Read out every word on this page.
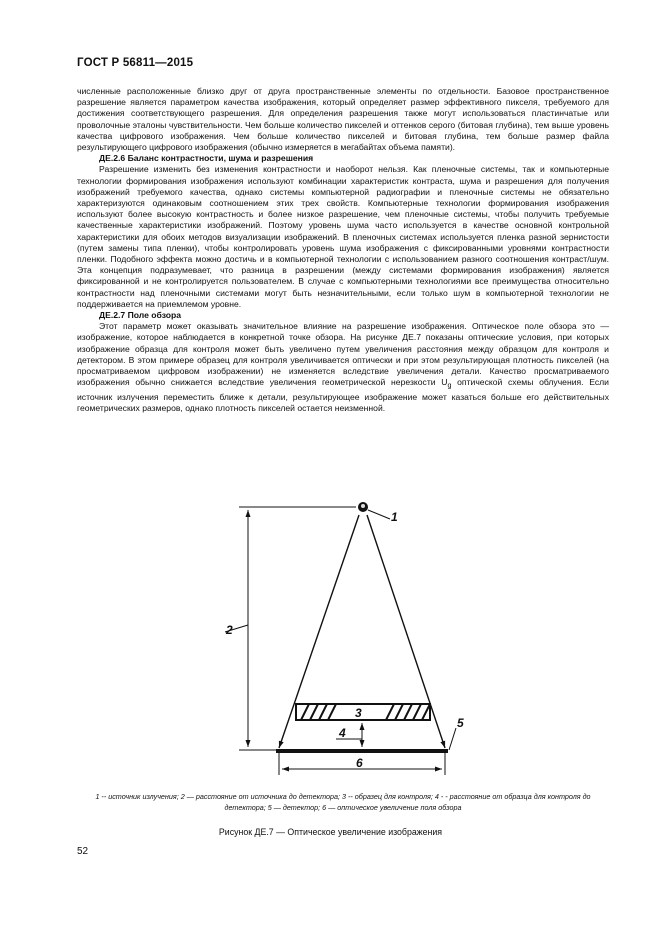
ГОСТ Р 56811—2015

численные расположенные близко друг от друга пространственные элементы по отдельности. Базовое пространственное разрешение является параметром качества изображения, который определяет размер эффективного пикселя, требуемого для достижения соответствующего разрешения. Для определения разрешения также могут использоваться пластинчатые или проволочные эталоны чувствительности. Чем больше количество пикселей и оттенков серого (битовая глубина), тем выше уровень качества цифрового изображения. Чем больше количество пикселей и битовая глубина, тем больше размер файла результирующего цифрового изображения (обычно измеряется в мегабайтах объема памяти).

ДЕ.2.6 Баланс контрастности, шума и разрешения

Разрешение изменить без изменения контрастности и наоборот нельзя. Как пленочные системы, так и компьютерные технологии формирования изображения используют комбинации характеристик контраста, шума и разрешения для получения изображений требуемого качества, однако системы компьютерной радиографии и пленочные системы не обязательно характеризуются одинаковым соотношением этих трех свойств. Компьютерные технологии формирования изображения используют более высокую контрастность и более низкое разрешение, чем пленочные системы, чтобы получить требуемые качественные характеристики изображений. Поэтому уровень шума часто используется в качестве основной контрольной характеристики для обоих методов визуализации изображений. В пленочных системах используется пленка разной зернистости (путем замены типа пленки), чтобы контролировать уровень шума изображения с фиксированными уровнями контрастности пленки. Подобного эффекта можно достичь и в компьютерной технологии с использованием разного соотношения контраст/шум. Эта концепция подразумевает, что разница в разрешении (между системами формирования изображения) является фиксированной и не контролируется пользователем. В случае с компьютерными технологиями все преимущества относительно контрастности над пленочными системами могут быть незначительными, если только шум в компьютерной технологии не поддерживается на приемлемом уровне.

ДЕ.2.7 Поле обзора

Этот параметр может оказывать значительное влияние на разрешение изображения. Оптическое поле обзора это — изображение, которое наблюдается в конкретной точке обзора. На рисунке ДЕ.7 показаны оптические условия, при которых изображение образца для контроля может быть увеличено путем увеличения расстояния между образцом для контроля и детектором. В этом примере образец для контроля увеличивается оптически и при этом результирующая плотность пикселей (на просматриваемом цифровом изображении) не изменяется вследствие увеличения детали. Качество просматриваемого изображения обычно снижается вследствие увеличения геометрической нерезкости $U_g$ оптической схемы облучения. Если источник излучения переместить ближе к детали, результирующее изображение может казаться больше его действительных геометрических размеров, однако плотность пикселей остается неизменной.

1
2
3
4
5
6
1 -- источник излучения; 2 — расстояние от источника до детектора; 3 -- образец для контроля; 4 - - расстояние от образца для контроля до детектора; 5 — детектор; 6 — оптическое увеличение поля обзора
Рисунок ДЕ.7 — Оптическое увеличение изображения
52
